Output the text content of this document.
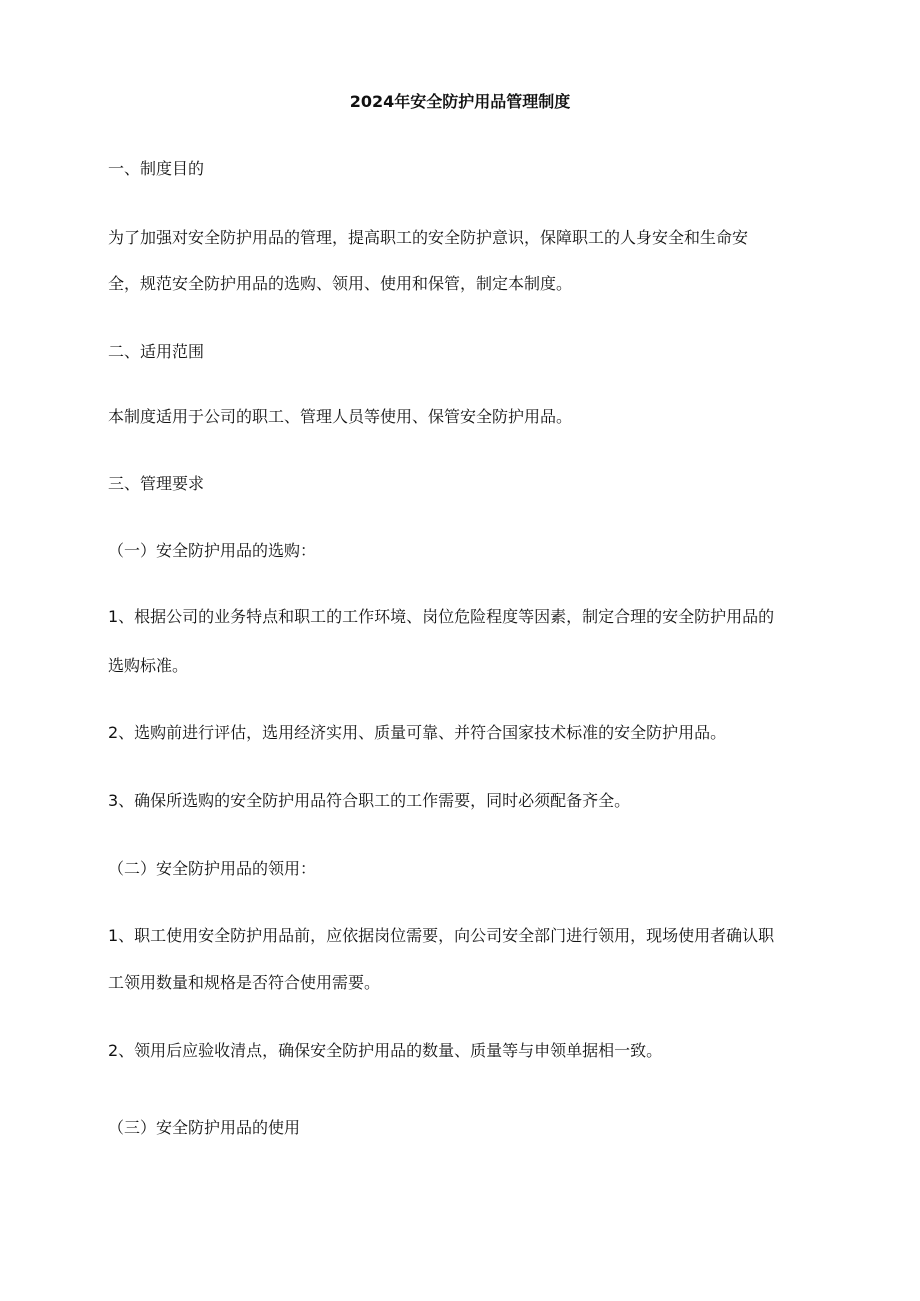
2024年安全防护用品管理制度
一、制度目的
为了加强对安全防护用品的管理，提高职工的安全防护意识，保障职工的人身安全和生命安
全，规范安全防护用品的选购、领用、使用和保管，制定本制度。
二、适用范围
本制度适用于公司的职工、管理人员等使用、保管安全防护用品。
三、管理要求
（一）安全防护用品的选购：
1、根据公司的业务特点和职工的工作环境、岗位危险程度等因素，制定合理的安全防护用品的
选购标准。
2、选购前进行评估，选用经济实用、质量可靠、并符合国家技术标准的安全防护用品。
3、确保所选购的安全防护用品符合职工的工作需要，同时必须配备齐全。
（二）安全防护用品的领用：
1、职工使用安全防护用品前，应依据岗位需要，向公司安全部门进行领用，现场使用者确认职
工领用数量和规格是否符合使用需要。
2、领用后应验收清点，确保安全防护用品的数量、质量等与申领单据相一致。
（三）安全防护用品的使用
